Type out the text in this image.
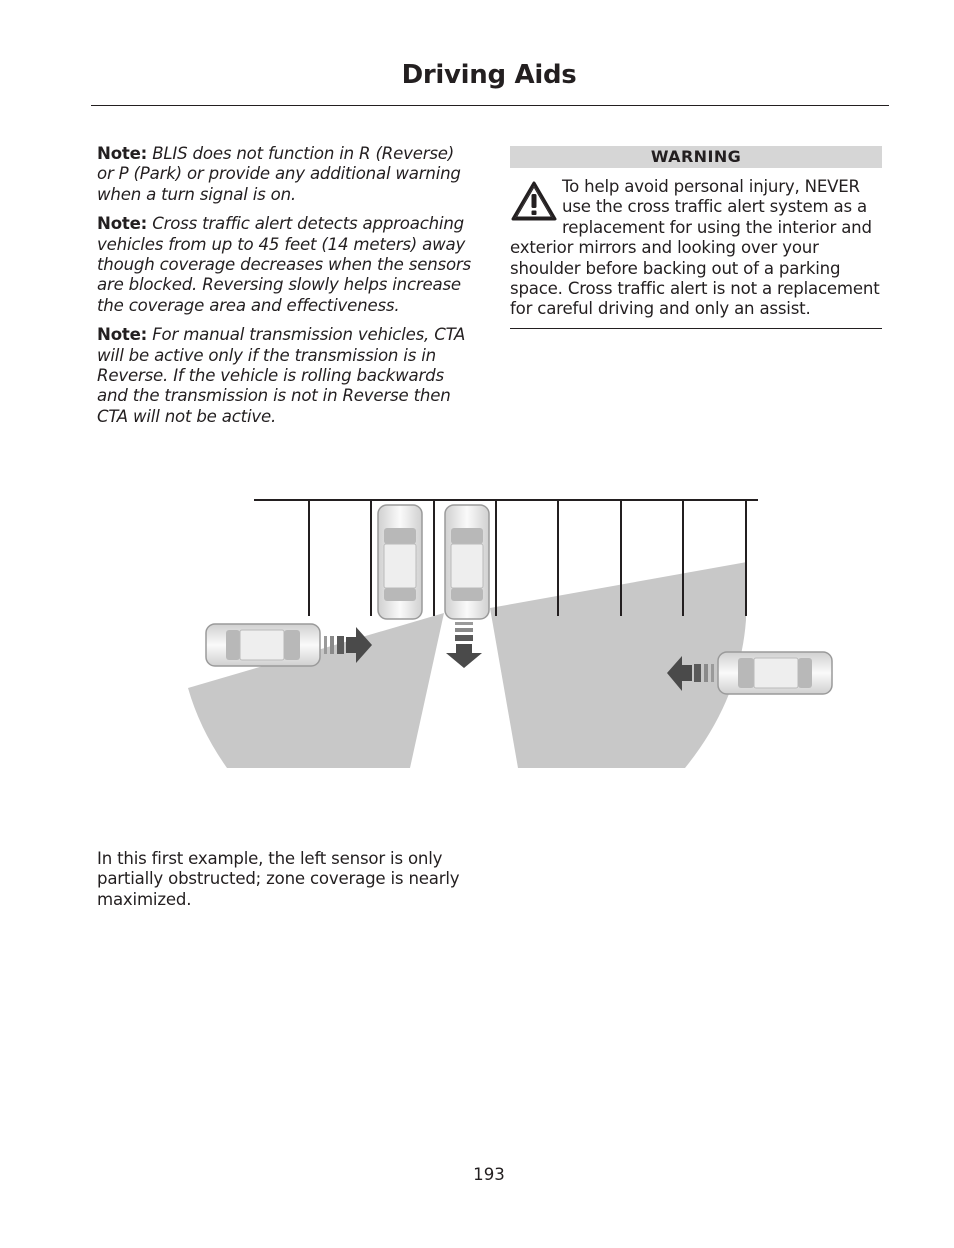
Driving Aids

Note: BLIS does not function in R (Reverse) or P (Park) or provide any additional warning when a turn signal is on.

Note: Cross traffic alert detects approaching vehicles from up to 45 feet (14 meters) away though coverage decreases when the sensors are blocked. Reversing slowly helps increase the coverage area and effectiveness.

Note: For manual transmission vehicles, CTA will be active only if the transmission is in Reverse. If the vehicle is rolling backwards and the transmission is not in Reverse then CTA will not be active.

WARNING
To help avoid personal injury, NEVER use the cross traffic alert system as a replacement for using the interior and exterior mirrors and looking over your shoulder before backing out of a parking space. Cross traffic alert is not a replacement for careful driving and only an assist.

In this first example, the left sensor is only partially obstructed; zone coverage is nearly maximized.

193
